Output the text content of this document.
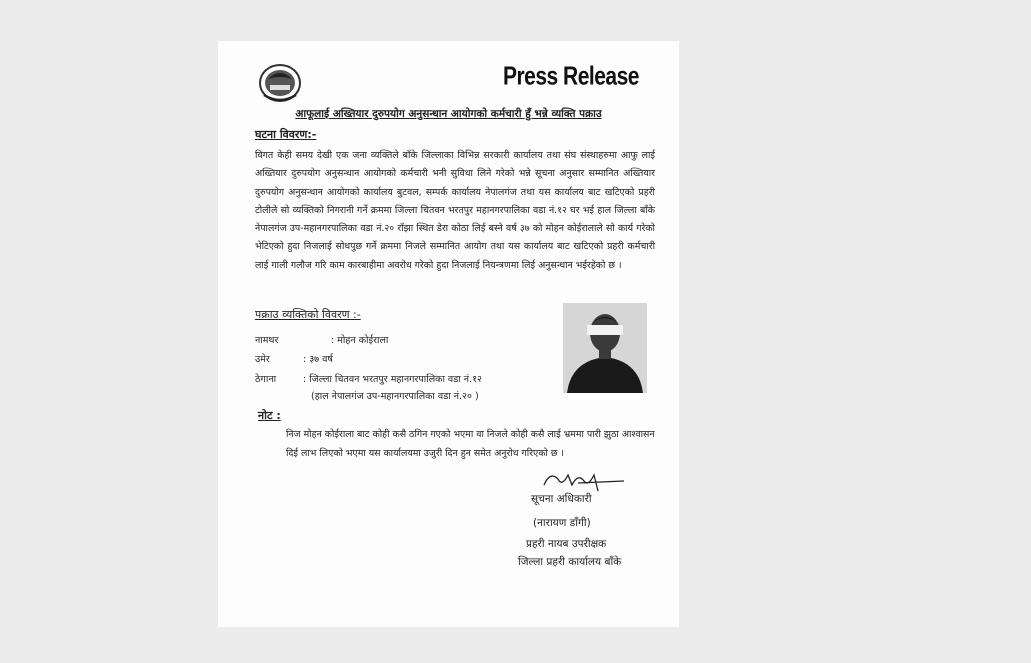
Press Release
आफूलाई अख्तियार दुरुपयोग अनुसन्धान आयोगको कर्मचारी हुँ भन्ने व्यक्ति पक्राउ
घटना विवरण:-

विगत केही समय देखी एक जना व्यक्तिले बाँके जिल्लाका विभिन्न सरकारी कार्यालय तथा संघ संस्थाहरुमा आफु लाई अख्तियार दुरुपयोग अनुसन्धान आयोगको कर्मचारी भनी सुविधा लिने गरेको भन्ने सूचना अनुसार सम्मानित अख्तियार दुरुपयोग अनुसन्धान आयोगको कार्यालय बुटवल, सम्पर्क कार्यालय नेपालगंज तथा यस कार्यालय बाट खटिएको प्रहरी टोलीले सो व्यक्तिको निगरानी गर्ने क्रममा जिल्ला चितवन भरतपुर महानगरपालिका वडा नं.१२ घर भई हाल जिल्ला बाँके नेपालगंज उप-महानगरपालिका वडा नं.२० राँझा स्थित डेरा कोठा लिई बस्ने वर्ष ३७ को मोहन कोईरालाले सो कार्य गरेको भेटिएको हुदा निजलाई सोधपुछ गर्ने क्रममा निजले सम्मानित आयोग तथा यस कार्यालय बाट खटिएको प्रहरी कर्मचारी लाई गाली गलौज गरि काम कारबाहीमा अवरोध गरेको हुदा निजलाई नियन्त्रणमा लिई अनुसन्धान भईरहेको छ ।

पक्राउ व्यक्तिको विवरण :-
नामथर	: मोहन कोईराला
उमेर	: ३७ वर्ष
ठेगाना	: जिल्ला चितवन भरतपुर महानगरपालिका वडा नं.१२
(हाल नेपालगंज उप-महानगरपालिका वडा नं.२० )
नोट :

निज मोहन कोईराला बाट कोही कसै ठगिन गएको भएमा वा निजले कोही कसै लाई भ्रममा पारी झुठा आश्वासन दिई लाभ लिएको भएमा यस कार्यालयमा उजुरी दिन हुन समेत अनुरोध गरिएको छ ।

सूचना अधिकारी
(नारायण डाँगी)
प्रहरी नायब उपरीक्षक
जिल्ला प्रहरी कार्यालय बाँके
